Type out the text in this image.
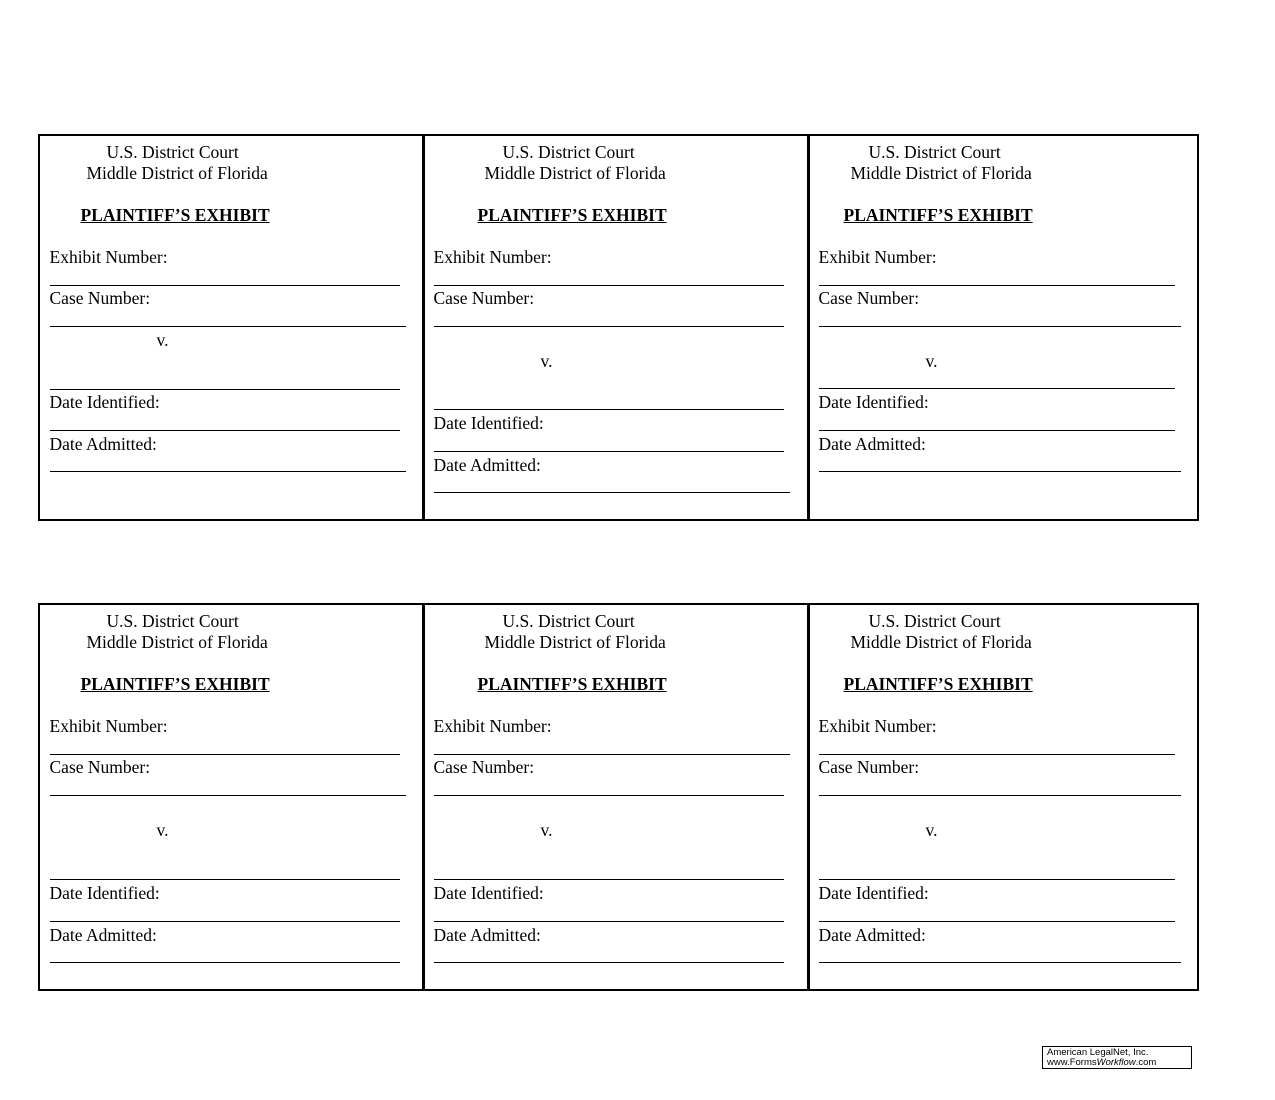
U.S. District Court
Middle District of Florida
PLAINTIFF’S EXHIBIT
Exhibit Number:
Case Number:
v.
Date Identified:
Date Admitted:
U.S. District Court
Middle District of Florida
PLAINTIFF’S EXHIBIT
Exhibit Number:
Case Number:
v.
Date Identified:
Date Admitted:
U.S. District Court
Middle District of Florida
PLAINTIFF’S EXHIBIT
Exhibit Number:
Case Number:
v.
Date Identified:
Date Admitted:
U.S. District Court
Middle District of Florida
PLAINTIFF’S EXHIBIT
Exhibit Number:
Case Number:
v.
Date Identified:
Date Admitted:
U.S. District Court
Middle District of Florida
PLAINTIFF’S EXHIBIT
Exhibit Number:
Case Number:
v.
Date Identified:
Date Admitted:
U.S. District Court
Middle District of Florida
PLAINTIFF’S EXHIBIT
Exhibit Number:
Case Number:
v.
Date Identified:
Date Admitted:
American LegalNet, Inc.
www.FormsWorkflow.com
